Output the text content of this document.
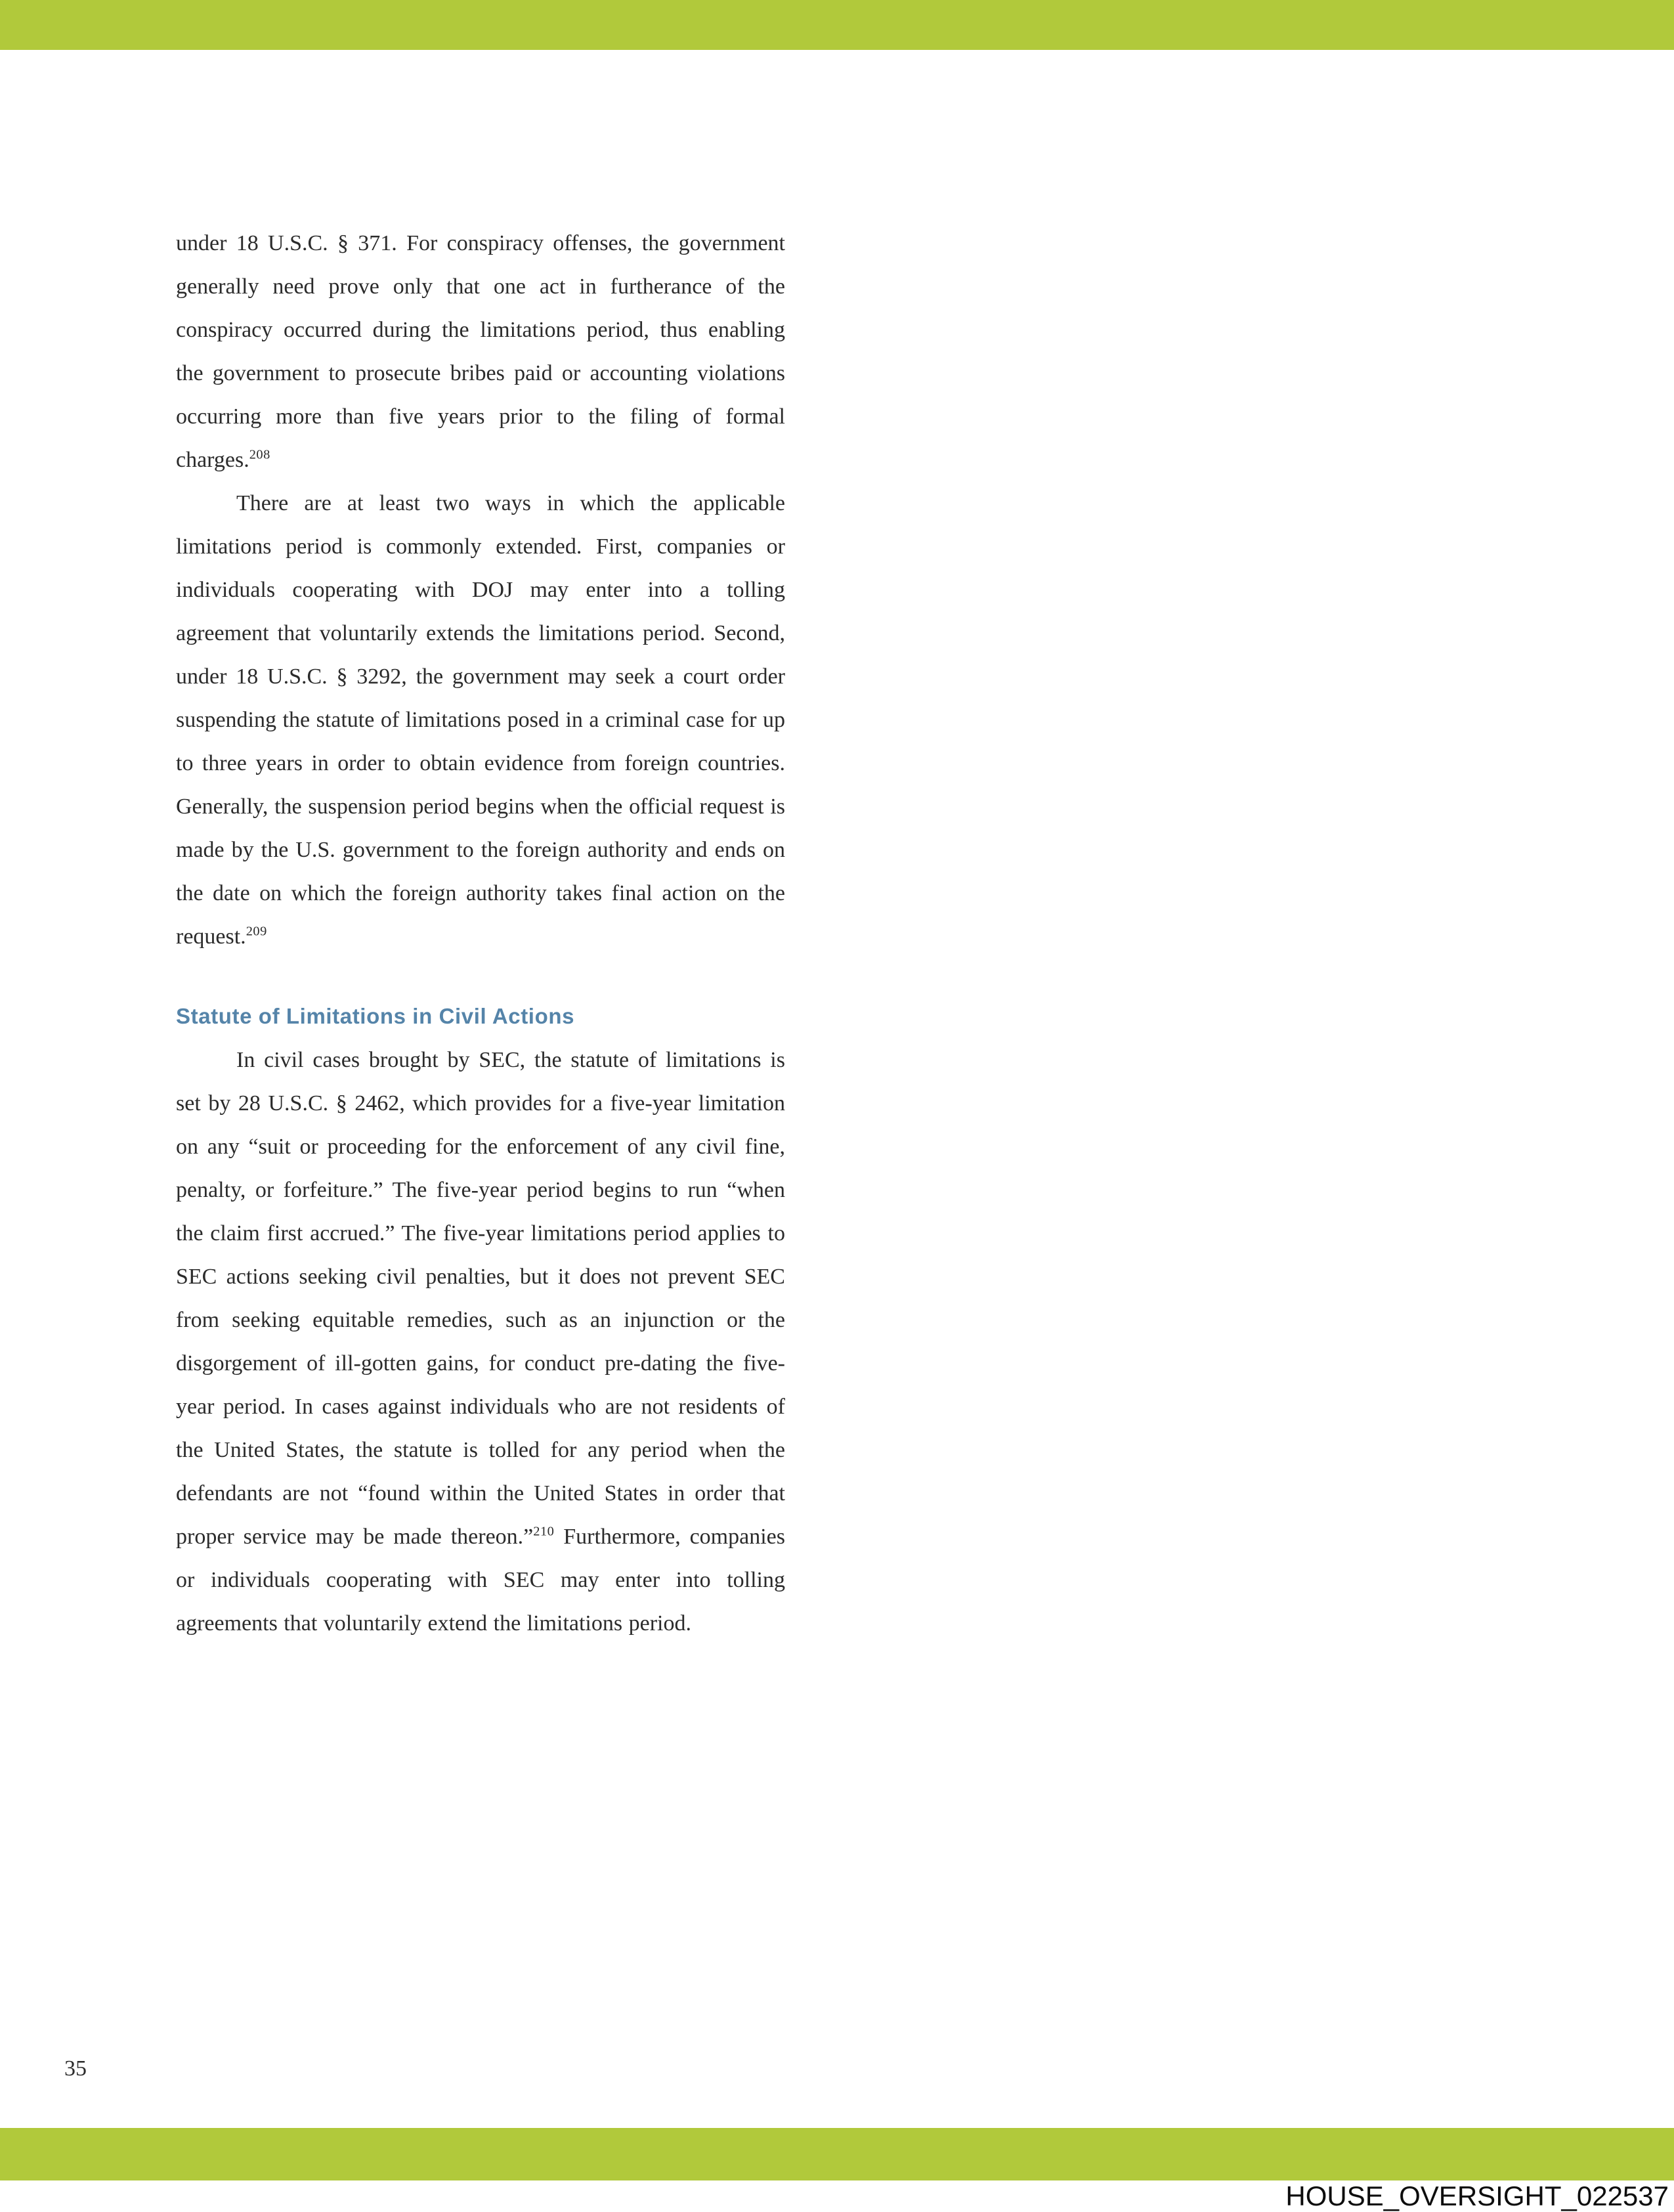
under 18 U.S.C. § 371. For conspiracy offenses, the government generally need prove only that one act in furtherance of the conspiracy occurred during the limitations period, thus enabling the government to prosecute bribes paid or accounting violations occurring more than five years prior to the filing of formal charges.$^{208}$

There are at least two ways in which the applicable limitations period is commonly extended. First, companies or individuals cooperating with DOJ may enter into a tolling agreement that voluntarily extends the limitations period. Second, under 18 U.S.C. § 3292, the government may seek a court order suspending the statute of limitations posed in a criminal case for up to three years in order to obtain evidence from foreign countries. Generally, the suspension period begins when the official request is made by the U.S. government to the foreign authority and ends on the date on which the foreign authority takes final action on the request.$^{209}$

Statute of Limitations in Civil Actions

In civil cases brought by SEC, the statute of limitations is set by 28 U.S.C. § 2462, which provides for a five-year limitation on any “suit or proceeding for the enforcement of any civil fine, penalty, or forfeiture.” The five-year period begins to run “when the claim first accrued.” The five-year limitations period applies to SEC actions seeking civil penalties, but it does not prevent SEC from seeking equitable remedies, such as an injunction or the disgorgement of ill-gotten gains, for conduct pre-dating the five-year period. In cases against individuals who are not residents of the United States, the statute is tolled for any period when the defendants are not “found within the United States in order that proper service may be made thereon.”$^{210}$ Furthermore, companies or individuals cooperating with SEC may enter into tolling agreements that voluntarily extend the limitations period.

35
HOUSE_OVERSIGHT_022537
